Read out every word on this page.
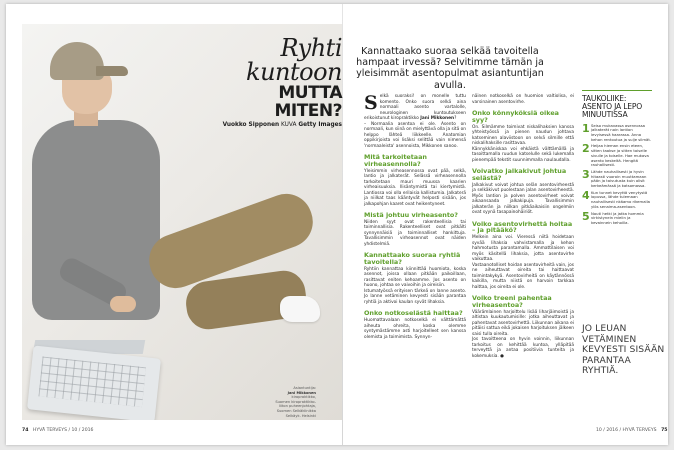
Ryhti
kuntoon
MUTTA
MITEN?
Vuokko Sipponen KUVA Getty Images
Asiantuntija:
Jani Mikkonen
kiropraktikko,
Suomen kiropraktikko-
liiton puheenjohtaja,
Suomen Selkäklinikka
Selkäyk. Helsinki
74 HYVÄ TERVEYS / 10 / 2016
Kannattaako suoraa selkää tavoitella hampaat irvessä? Selvitimme tämän ja yleisimmät asentopulmat asiantuntijan avulla.

Selkä suoraksi! on monelle tuttu komento. Onko suora selkä aina normaali asento vartalolle, neurologinen kuntoutukseen erikoistunut kiropraktikko Jani Mikkonen?

– Normaalia asentoa ei ole. Asento on normaali, kun siinä on mielyttävä olla ja sitä on helppo lähteä liikkeelle. Anatomian oppikirjoista voi lisäksi selittää vain nimensä 'normaaleista' asennoista, Mikkonen sanoo.

Mitä tarkoitetaan virheasennolla?

Yleisimmin virheasennossa ovat pää, selkä, lantio ja jalkaterät. Selässä virheasennolla tarkoitetaan mauri muussa kaarien virheaisuuksia. Ilisäntymistä tai kiertymistä. Lantiossa voi olla erilaisia kallistumia. Jalkaterä ja niilkat taas kääntyvät helposti sisään, jos jalkapohjan kaaret ovat heikentyneet.

Mistä johtuu virheasento?

Niiden syyt ovat rakenteellisia tai toiminnallisia. Rakenteelliset ovat pitkälti synnynnäisiä ja toiminnalliset hankittuja. Tavallisimmin virheasennot ovat näiden yhdistelmiä.

Kannattaako suoraa ryhtiä tavoitella?

Ryhtiin kannattaa kiinnittää huomiota, koska asennot, joissa ollaan pitkään paikoillaan, rasittavat eniten kehoamme. Jos asento on huono, johtaa se vaivoihin ja oireisiin.

Istumatyössä erityisen tärkeä on lanne asento. Jo lanne vetäminen kevyesti sisään parantaa ryhtiä ja aktivoi kaulan syvät lihaksia.

Onko notkoselästä haittaa?

Huomattavalaan notkoselkä ei välttämättä aiheuta ohreita, koska olemme syntymästämme asti harjoitelleet sen kanssa olemista ja toimimista. Synnyn-

näinen notkoselkä on huomion valtiolisa, ei varsinainen asentovirhe.

Onko könnyköksiä oikea syy?

On. Silmämme toimivat niskalihaksien kanssa yhteistyössä ja pienen naudun johtava katseminen alaviistoon on selvä silmille että niskalihaksille rasittavaa.

Kännykkäniskaa voi ehkäistä välttämällä ja tasoittamalla ruudun katselulle sekä lukemalla pienempää tekstit suunnimmalla naulaudalla.

Voivatko jalkakivut johtua selästä?

Jalkakivut voivat johtua selän asentovirheestä ja selkäkivut puolestaan jalan asentovirheestä. Myös lantion ja polven asentovirheet voivat aikaansaada jalkakipuja. Tavallisimmin jalkaterän ja niilkan pitkäaikaisiin ongelmiin ovat syynä tasapainohäiriöt.

Voiko asentovirhettä hoitaa – ja pitääkö?

Melkein aina voi. Vieressä niitä hoidetaan syvää lihaksia vahvistamalla ja kehon hahmotusta parantamalla. Ammattilaisen voi myös käsitellä lihaksia, jotta asentovirhe vaikuttaa.

Vastaanotolliset hoidan asentovirheitä vain, jos ne aiheuttavat oireita tai haittaavat toimintakykyä. Asentovirheitä on käytännössä kaikilla, mutta niistä on harvoin tarkkaa haittaa, jos oireita ei ole.

Voiko treeni pahentaa virheasentoa?

Väärämlainen harjoittelu lisää liharjäimoistä ja altistaa kuukautumisille: jotka aiheuttavat ja pahentavat asentovirhettä. Liikunnan aikana ei pitäisi sattua eikä jokaisen harjoituksen jälkeen saisi tulla oireita.

Jos tavoitteena on hyvin voinnin, liikunnan tarkoitus on kehittää kuntoa, ylläpitää terveyttä ja antaa positiivia tunteita ja kokemuksia. ●

TAUKOLIIKE: ASENTO JA LEPO MINUUTISSA
1 Seiso mukavassa asennossa jalkaterät noin lantion levyisessä haarassa. Anna kehon rentoutua ja sulje silmät.
2 Heijaa hieman ensin eteen, sitten taakse ja sitten toiselle sivulle ja toiselle. Hae mukava asento keskeltä. Hengitä rauhallisesti.
3 Lähde nauhallisesti ja hyvin hitaasti vuoroin muuttamaan pään ja taivutusta kuin olisit kerkeämässä ja katsomassa.
4 Kun tunnet kevyttä venytystä lopussa, lähde tulemaan nauhallisesti nkäamo rikemalla ylös senaima-asentoon.
5 Nouti hetki ja jatka hommia virkistynein mielin ja kevainnein kehoilla.
JO LEUAN VETÄMINEN KEVYESTI SISÄÄN PARANTAA RYHTIÄ.
10 / 2016 / HYVÄ TERVEYS 75
